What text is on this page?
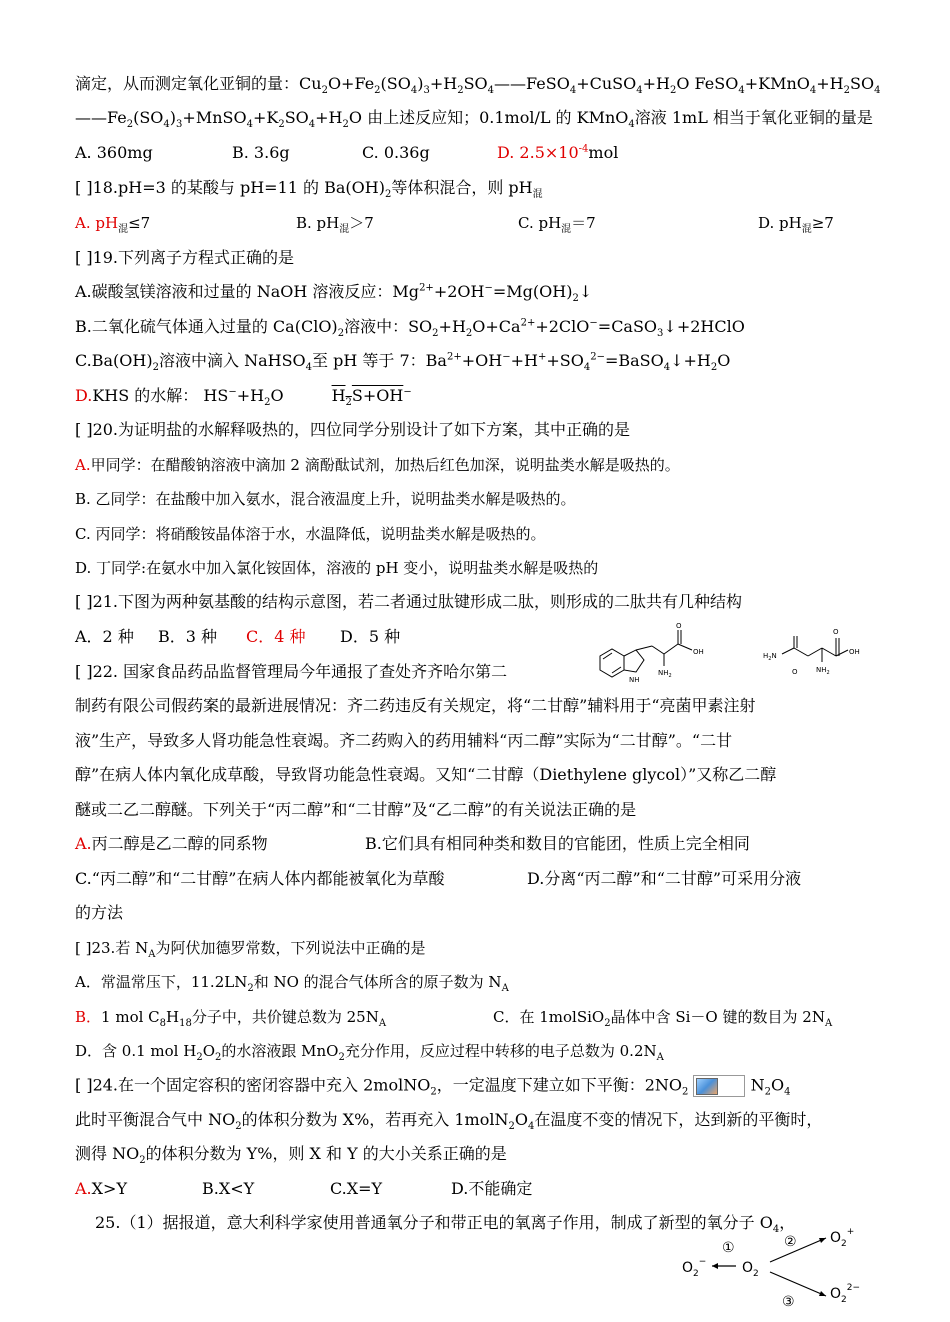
滴定，从而测定氧化亚铜的量：$Cu_2O+Fe_2(SO_4)_3+H_2SO_4——FeSO_4+CuSO_4+H_2O$ $FeSO_4+KMnO_4+H_2SO_4$
$——Fe_2(SO_4)_3+MnSO_4+K_2SO_4+H_2O$ 由上述反应知；0.1mol/L 的 KMnO$_4$溶液 1mL 相当于氧化亚铜的量是
A. 360mg	B. 3.6g	C. 0.36g	D. $2.5\times 10^{-4}mol$
[ ]18.pH=3 的某酸与 pH=11 的 $Ba(OH)_2$等体积混合，则 $pH_混$
A. $pH_混\le 7$	B. $pH_混>7$	C. $pH_混=7$	D. $pH_混\ge 7$
[ ]19.下列离子方程式正确的是
A.碳酸氢镁溶液和过量的 NaOH 溶液反应：$Mg^{2+}+2OH^-=Mg(OH)_2↓$
B.二氧化硫气体通入过量的 $Ca(ClO)_2$溶液中：$SO_2+H_2O+Ca^{2+}+2ClO^-=CaSO_3↓+2HClO$
$C.Ba(OH)_2$溶液中滴入 NaHSO$_4$至 pH 等于 7：$Ba^{2+}+OH^-+H^++SO_4^{2-}=BaSO_4↓+H_2O$
D.KHS 的水解： $HS^-+H_2O$	$H_2S+OH^-$
[ ]20.为证明盐的水解释吸热的，四位同学分别设计了如下方案，其中正确的是
A.甲同学：在醋酸钠溶液中滴加 2 滴酚酞试剂，加热后红色加深，说明盐类水解是吸热的。
B. 乙同学：在盐酸中加入氨水，混合液温度上升，说明盐类水解是吸热的。
C. 丙同学：将硝酸铵晶体溶于水，水温降低，说明盐类水解是吸热的。
D. 丁同学:在氨水中加入氯化铵固体，溶液的 pH 变小，说明盐类水解是吸热的
[ ]21.下图为两种氨基酸的结构示意图，若二者通过肽键形成二肽，则形成的二肽共有几种结构
A．2 种 B．3 种 C．4 种 D．5 种
[ ]22. 国家食品药品监督管理局今年通报了查处齐齐哈尔第二
制药有限公司假药案的最新进展情况：齐二药违反有关规定，将“二甘醇”辅料用于“亮菌甲素注射
液”生产，导致多人肾功能急性衰竭。齐二药购入的药用辅料“丙二醇”实际为“二甘醇”。“二甘
醇”在病人体内氧化成草酸，导致肾功能急性衰竭。又知“二甘醇（Diethylene glycol）”又称乙二醇
醚或二乙二醇醚。下列关于“丙二醇”和“二甘醇”及“乙二醇”的有关说法正确的是
A.丙二醇是乙二醇的同系物	B.它们具有相同种类和数目的官能团，性质上完全相同
C.“丙二醇”和“二甘醇”在病人体内都能被氧化为草酸	D.分离“丙二醇”和“二甘醇”可采用分液
的方法
[ ]23.若 $N_A$为阿伏加德罗常数，下列说法中正确的是
A．常温常压下，$11.2LN_2$和 NO 的混合气体所含的原子数为 $N_A$
B．1 mol $C_8H_{18}$分子中，共价键总数为 $25N_A$	C．在 1molSiO$_2$晶体中含 Si－O 键的数目为 $2N_A$
D．含 0.1 mol $H_2O_2$的水溶液跟 MnO$_2$充分作用，反应过程中转移的电子总数为 $0.2N_A$
[ ]24.在一个固定容积的密闭容器中充入 2molNO$_2$，一定温度下建立如下平衡：$2NO_2$	$N_2O_4$
此时平衡混合气中 $NO_2$的体积分数为 X%，若再充入 $1molN_2O_4$在温度不变的情况下，达到新的平衡时，
测得 $NO_2$的体积分数为 Y%，则 X 和 Y 的大小关系正确的是
A.X>Y	B.X<Y	C.X=Y	D.不能确定
25.（1）据报道，意大利科学家使用普通氧分子和带正电的氧离子作用，制成了新型的氧分子 $O_4$，
NH
O
OH
$NH_2$
$H_2N$
O
O
OH
$NH_2$
$O_2^-$
①
$O_2$
②
③
$O_2^+$
$O_2^{2-}$
